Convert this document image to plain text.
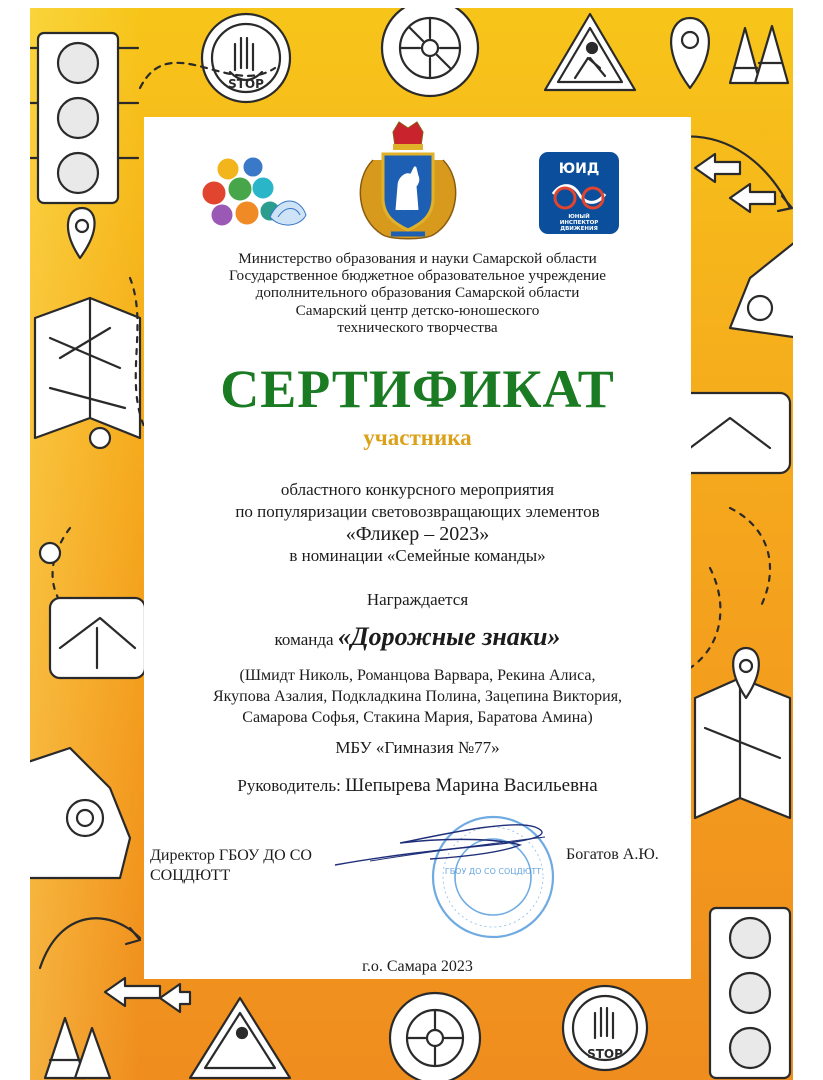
STOP
STOP
ЮИД
ЮНЫЙ
ИНСПЕКТОР
ДВИЖЕНИЯ
Министерство образования и науки Самарской области
Государственное бюджетное образовательное учреждение
дополнительного образования Самарской области
Самарский центр детско-юношеского
технического творчества
СЕРТИФИКАТ
участника
областного конкурсного мероприятия
по популяризации световозвращающих элементов
«Фликер – 2023»
в номинации «Семейные команды»
Награждается
команда «Дорожные знаки»
(Шмидт Николь, Романцова Варвара, Рекина Алиса,
Якупова Азалия, Подкладкина Полина, Зацепина Виктория,
Самарова Софья, Стакина Мария, Баратова Амина)
МБУ «Гимназия №77»
Руководитель: Шепырева Марина Васильевна
ГБОУ ДО СО СОЦДЮТТ
Директор ГБОУ ДО СО
СОЦДЮТТ
Богатов А.Ю.
г.о. Самара 2023
